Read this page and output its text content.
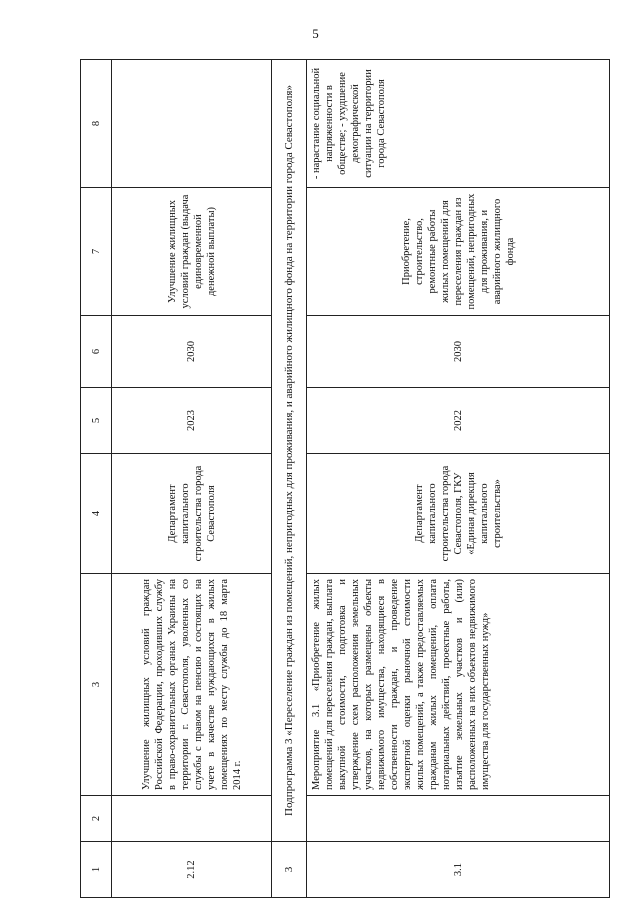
5
1	2	3	4	5	6	7	8
2.12		Улучшение жилищных условий граждан Российской Федерации, проходивших службу в право-охранительных органах Украины на территории г. Севастополя, уволенных со службы с правом на пенсию и состоящих на учете в качестве нуждающихся в жилых помещениях по месту службы до 18 марта 2014 г.	Департамент капитального строительства города Севастополя	2023	2030	Улучшение жилищных условий граждан (выдача единовременной денежной выплаты)	
3	Подпрограмма 3 «Переселение граждан из помещений, непригодных для проживания, и аварийного жилищного фонда на территории города Севастополя»						
3.1		Мероприятие 3.1 «Приобретение жилых помещений для переселения граждан, выплата выкупной стоимости, подготовка и утверждение схем расположения земельных участков, на которых размещены объекты недвижимого имущества, находящиеся в собственности граждан, и проведение экспертной оценки рыночной стоимости жилых помещений, а также предоставляемых гражданам жилых помещений, оплата нотариальных действий, проектные работы, изъятие земельных участков и (или) расположенных на них объектов недвижимого имущества для государственных нужд»	Департамент капитального строительства города Севастополя, ГКУ «Единая дирекция капитального строительства»	2022	2030	Приобретение, строительство, ремонтные работы жилых помещений для переселения граждан из помещений, непригодных для проживания, и аварийного жилищного фонда	- нарастание социальной напряженности в обществе; - ухудшение демографической ситуации на территории города Севастополя
